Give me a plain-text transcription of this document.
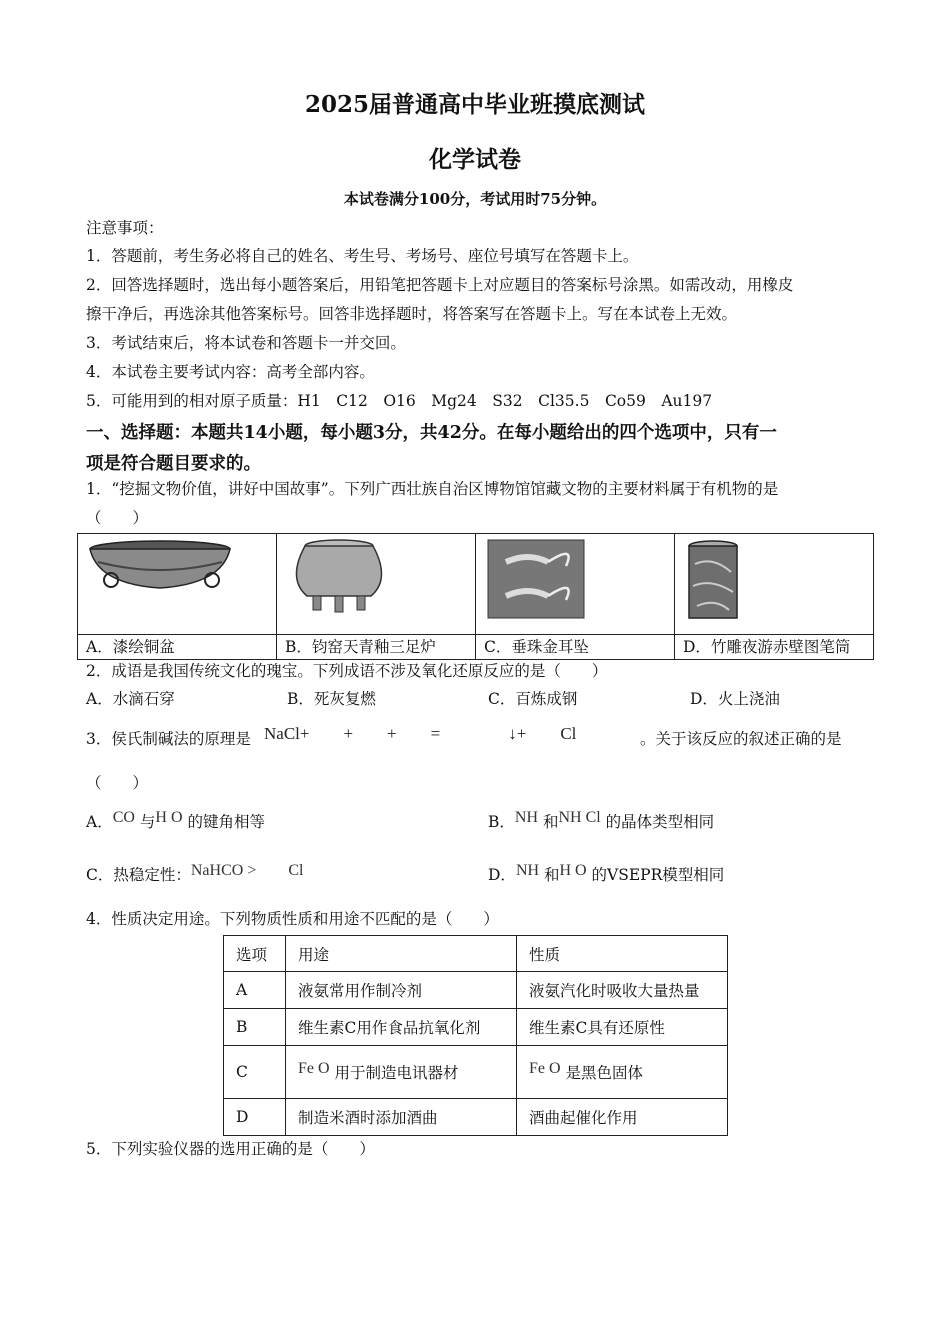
2025届普通高中毕业班摸底测试
化学试卷
本试卷满分100分，考试用时75分钟。
注意事项：
1．答题前，考生务必将自己的姓名、考生号、考场号、座位号填写在答题卡上。
2．回答选择题时，选出每小题答案后，用铅笔把答题卡上对应题目的答案标号涂黑。如需改动，用橡皮
擦干净后，再选涂其他答案标号。回答非选择题时，将答案写在答题卡上。写在本试卷上无效。
3．考试结束后，将本试卷和答题卡一并交回。
4．本试卷主要考试内容：高考全部内容。
5．可能用到的相对原子质量：H1　C12　O16　Mg24　S32　Cl35.5　Co59　Au197
一、选择题：本题共14小题，每小题3分，共42分。在每小题给出的四个选项中，只有一
项是符合题目要求的。
1．“挖掘文物价值，讲好中国故事”。下列广西壮族自治区博物馆馆藏文物的主要材料属于有机物的是
（　　）

A．漆绘铜盆	B．钧窑天青釉三足炉	C．垂珠金耳坠	D．竹雕夜游赤壁图笔筒
2．成语是我国传统文化的瑰宝。下列成语不涉及氧化还原反应的是（　　）
A．水滴石穿	B．死灰复燃	C．百炼成钢	D．火上浇油
3．侯氏制碱法的原理是 NaCl+　　+　　+　　=　　　　↓+　　Cl	。关于该反应的叙述正确的是
（　　）
A．CO 与H O 的键角相等	B．NH 和NH Cl 的晶体类型相同
C．热稳定性：NaHCO >　　Cl	D．NH 和H O 的VSEPR模型相同
4．性质决定用途。下列物质性质和用途不匹配的是（　　）
选项	用途	性质
A	液氨常用作制冷剂	液氨汽化时吸收大量热量
B	维生素C用作食品抗氧化剂	维生素C具有还原性
C	Fe O 用于制造电讯器材	Fe O 是黑色固体
D	制造米酒时添加酒曲	酒曲起催化作用
5．下列实验仪器的选用正确的是（　　）
